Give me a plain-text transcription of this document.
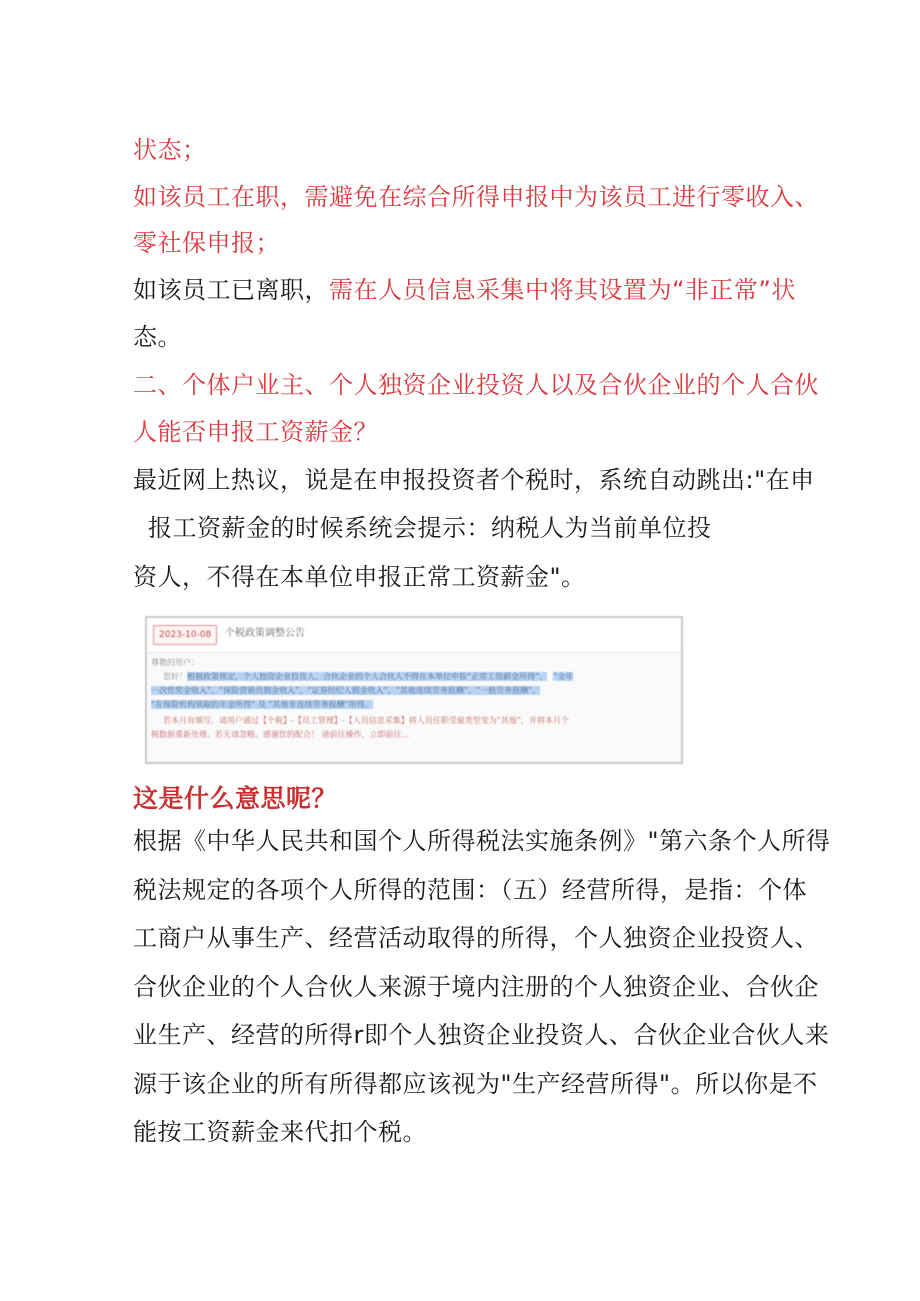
状态；
如该员工在职，需避免在综合所得申报中为该员工进行零收入、
零社保申报；
如该员工已离职，需在人员信息采集中将其设置为“非正常”状
态。
二、个体户业主、个人独资企业投资人以及合伙企业的个人合伙
人能否申报工资薪金？
最近网上热议，说是在申报投资者个税时，系统自动跳出:"在申
报工资薪金的时候系统会提示：纳税人为当前单位投
资人，不得在本单位申报正常工资薪金"。
2023-10-08	个税政策调整公告
尊敬的用户：
您好！根据政策规定，个人独资企业投资人、合伙企业的个人合伙人不得在本单位申报“正常工资薪金所得”、 “全年
一次性奖金收入”、“保险营销员佣金收入”、“证券经纪人佣金收入”、“其他连续劳务报酬”、“一般劳务报酬”、
“在保险机构领取的年金所得” 及 “其他非连续劳务报酬”所得。
若本月有填写，请用户通过【个税】-【员工管理】-【人员信息采集】将人员任职受雇类型变为“其他”，并将本月个
税数据重新处理。若无请忽略。感谢您的配合！ 请前往操作，立即前往...
这是什么意思呢？
根据《中华人民共和国个人所得税法实施条例》"第六条个人所得
税法规定的各项个人所得的范围：（五）经营所得，是指：个体
工商户从事生产、经营活动取得的所得，个人独资企业投资人、
合伙企业的个人合伙人来源于境内注册的个人独资企业、合伙企
业生产、经营的所得r即个人独资企业投资人、合伙企业合伙人来
源于该企业的所有所得都应该视为"生产经营所得"。所以你是不
能按工资薪金来代扣个税。
